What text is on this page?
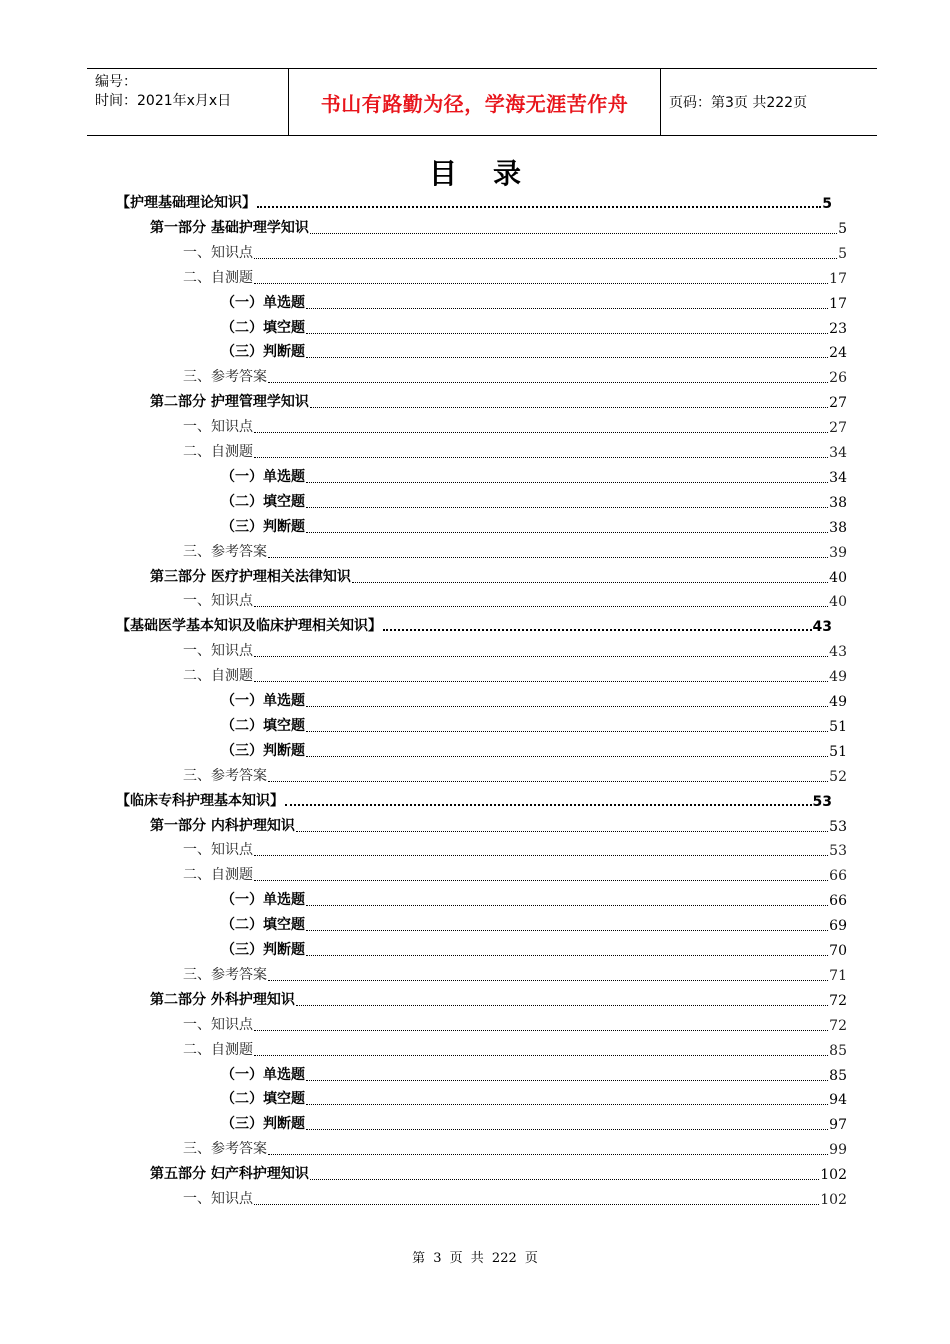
编号：
时间：2021年x月x日	书山有路勤为径，学海无涯苦作舟	页码：第3页 共222页
目录
【护理基础理论知识】	5
第一部分 基础护理学知识	5
一、知识点	5
二、自测题	17
（一）单选题	17
（二）填空题	23
（三）判断题	24
三、参考答案	26
第二部分 护理管理学知识	27
一、知识点	27
二、自测题	34
（一）单选题	34
（二）填空题	38
（三）判断题	38
三、参考答案	39
第三部分 医疗护理相关法律知识	40
一、知识点	40
【基础医学基本知识及临床护理相关知识】	43
一、知识点	43
二、自测题	49
（一）单选题	49
（二）填空题	51
（三）判断题	51
三、参考答案	52
【临床专科护理基本知识】	53
第一部分 内科护理知识	53
一、知识点	53
二、自测题	66
（一）单选题	66
（二）填空题	69
（三）判断题	70
三、参考答案	71
第二部分 外科护理知识	72
一、知识点	72
二、自测题	85
（一）单选题	85
（二）填空题	94
（三）判断题	97
三、参考答案	99
第五部分 妇产科护理知识	102
一、知识点	102
第 3 页 共 222 页
